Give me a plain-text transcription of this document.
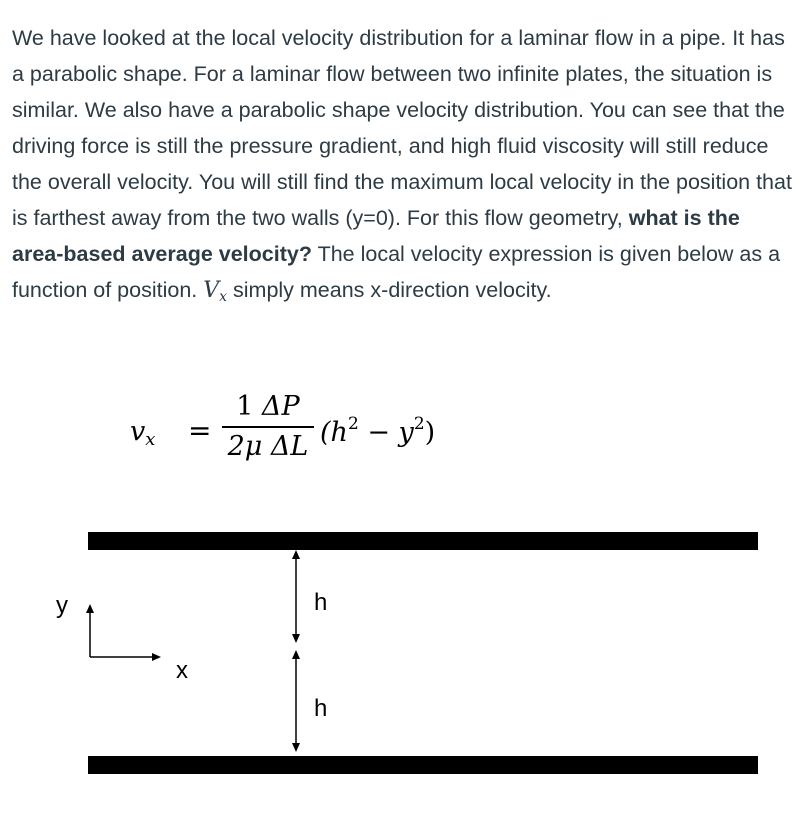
We have looked at the local velocity distribution for a laminar flow in a pipe. It has a parabolic shape. For a laminar flow between two infinite plates, the situation is similar. We also have a parabolic shape velocity distribution. You can see that the driving force is still the pressure gradient, and high fluid viscosity will still reduce the overall velocity. You will still find the maximum local velocity in the position that is farthest away from the two walls (y=0). For this flow geometry, what is the area-based average velocity? The local velocity expression is given below as a function of position. $V_x$ simply means x-direction velocity.

$v_x$ =
1 ΔP
2μ ΔL $(h^2 - y^2)$
y
x
h
h
